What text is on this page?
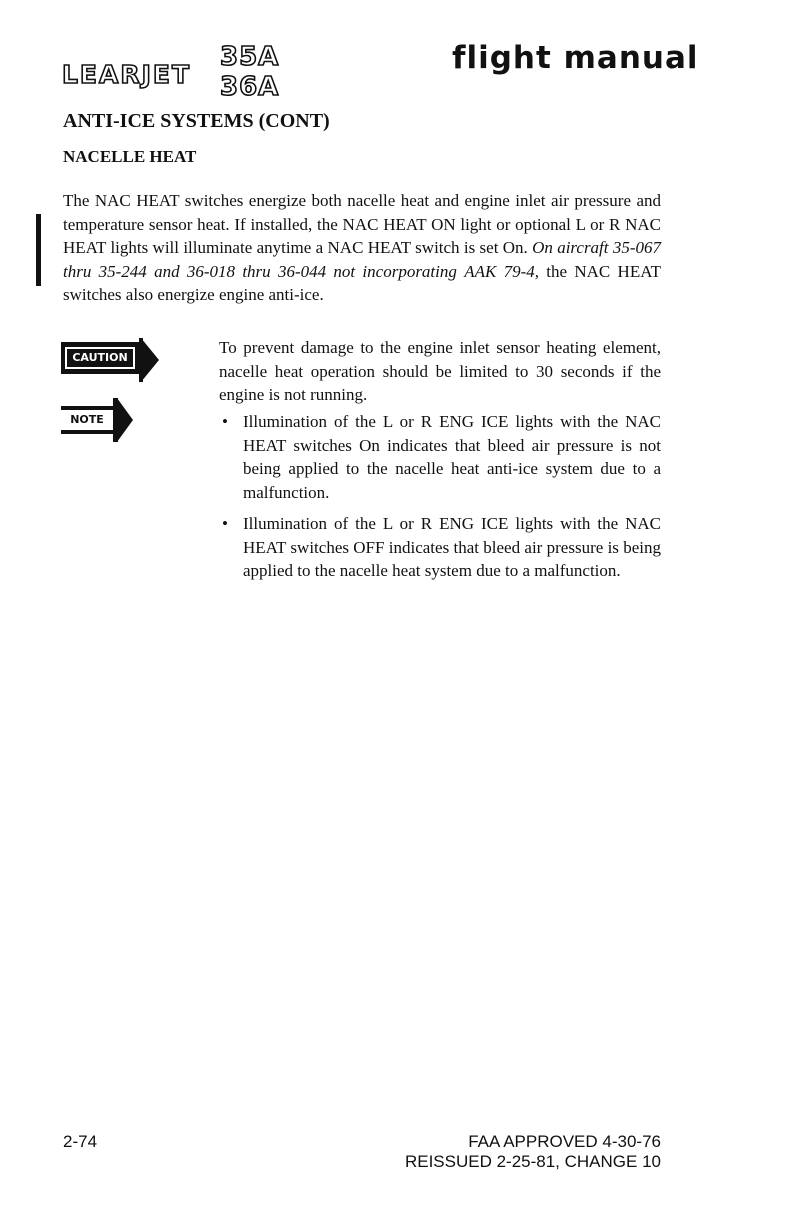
LEARJET
35A
36A
flight manual
ANTI-ICE SYSTEMS (CONT)
NACELLE HEAT

The NAC HEAT switches energize both nacelle heat and engine inlet air pressure and temperature sensor heat. If installed, the NAC HEAT ON light or optional L or R NAC HEAT lights will illuminate anytime a NAC HEAT switch is set On. On aircraft 35-067 thru 35-244 and 36-018 thru 36-044 not incorporating AAK 79-4, the NAC HEAT switches also energize engine anti-ice.

CAUTION

To prevent damage to the engine inlet sensor heating element, nacelle heat operation should be limited to 30 seconds if the engine is not running.

NOTE	• Illumination of the L or R ENG ICE lights with the NAC HEAT switches On indicates that bleed air pressure is not being applied to the nacelle heat anti-ice system due to a malfunction.
• Illumination of the L or R ENG ICE lights with the NAC HEAT switches OFF indicates that bleed air pressure is being applied to the nacelle heat system due to a malfunction.
2-74	FAA APPROVED 4-30-76
REISSUED 2-25-81, CHANGE 10
